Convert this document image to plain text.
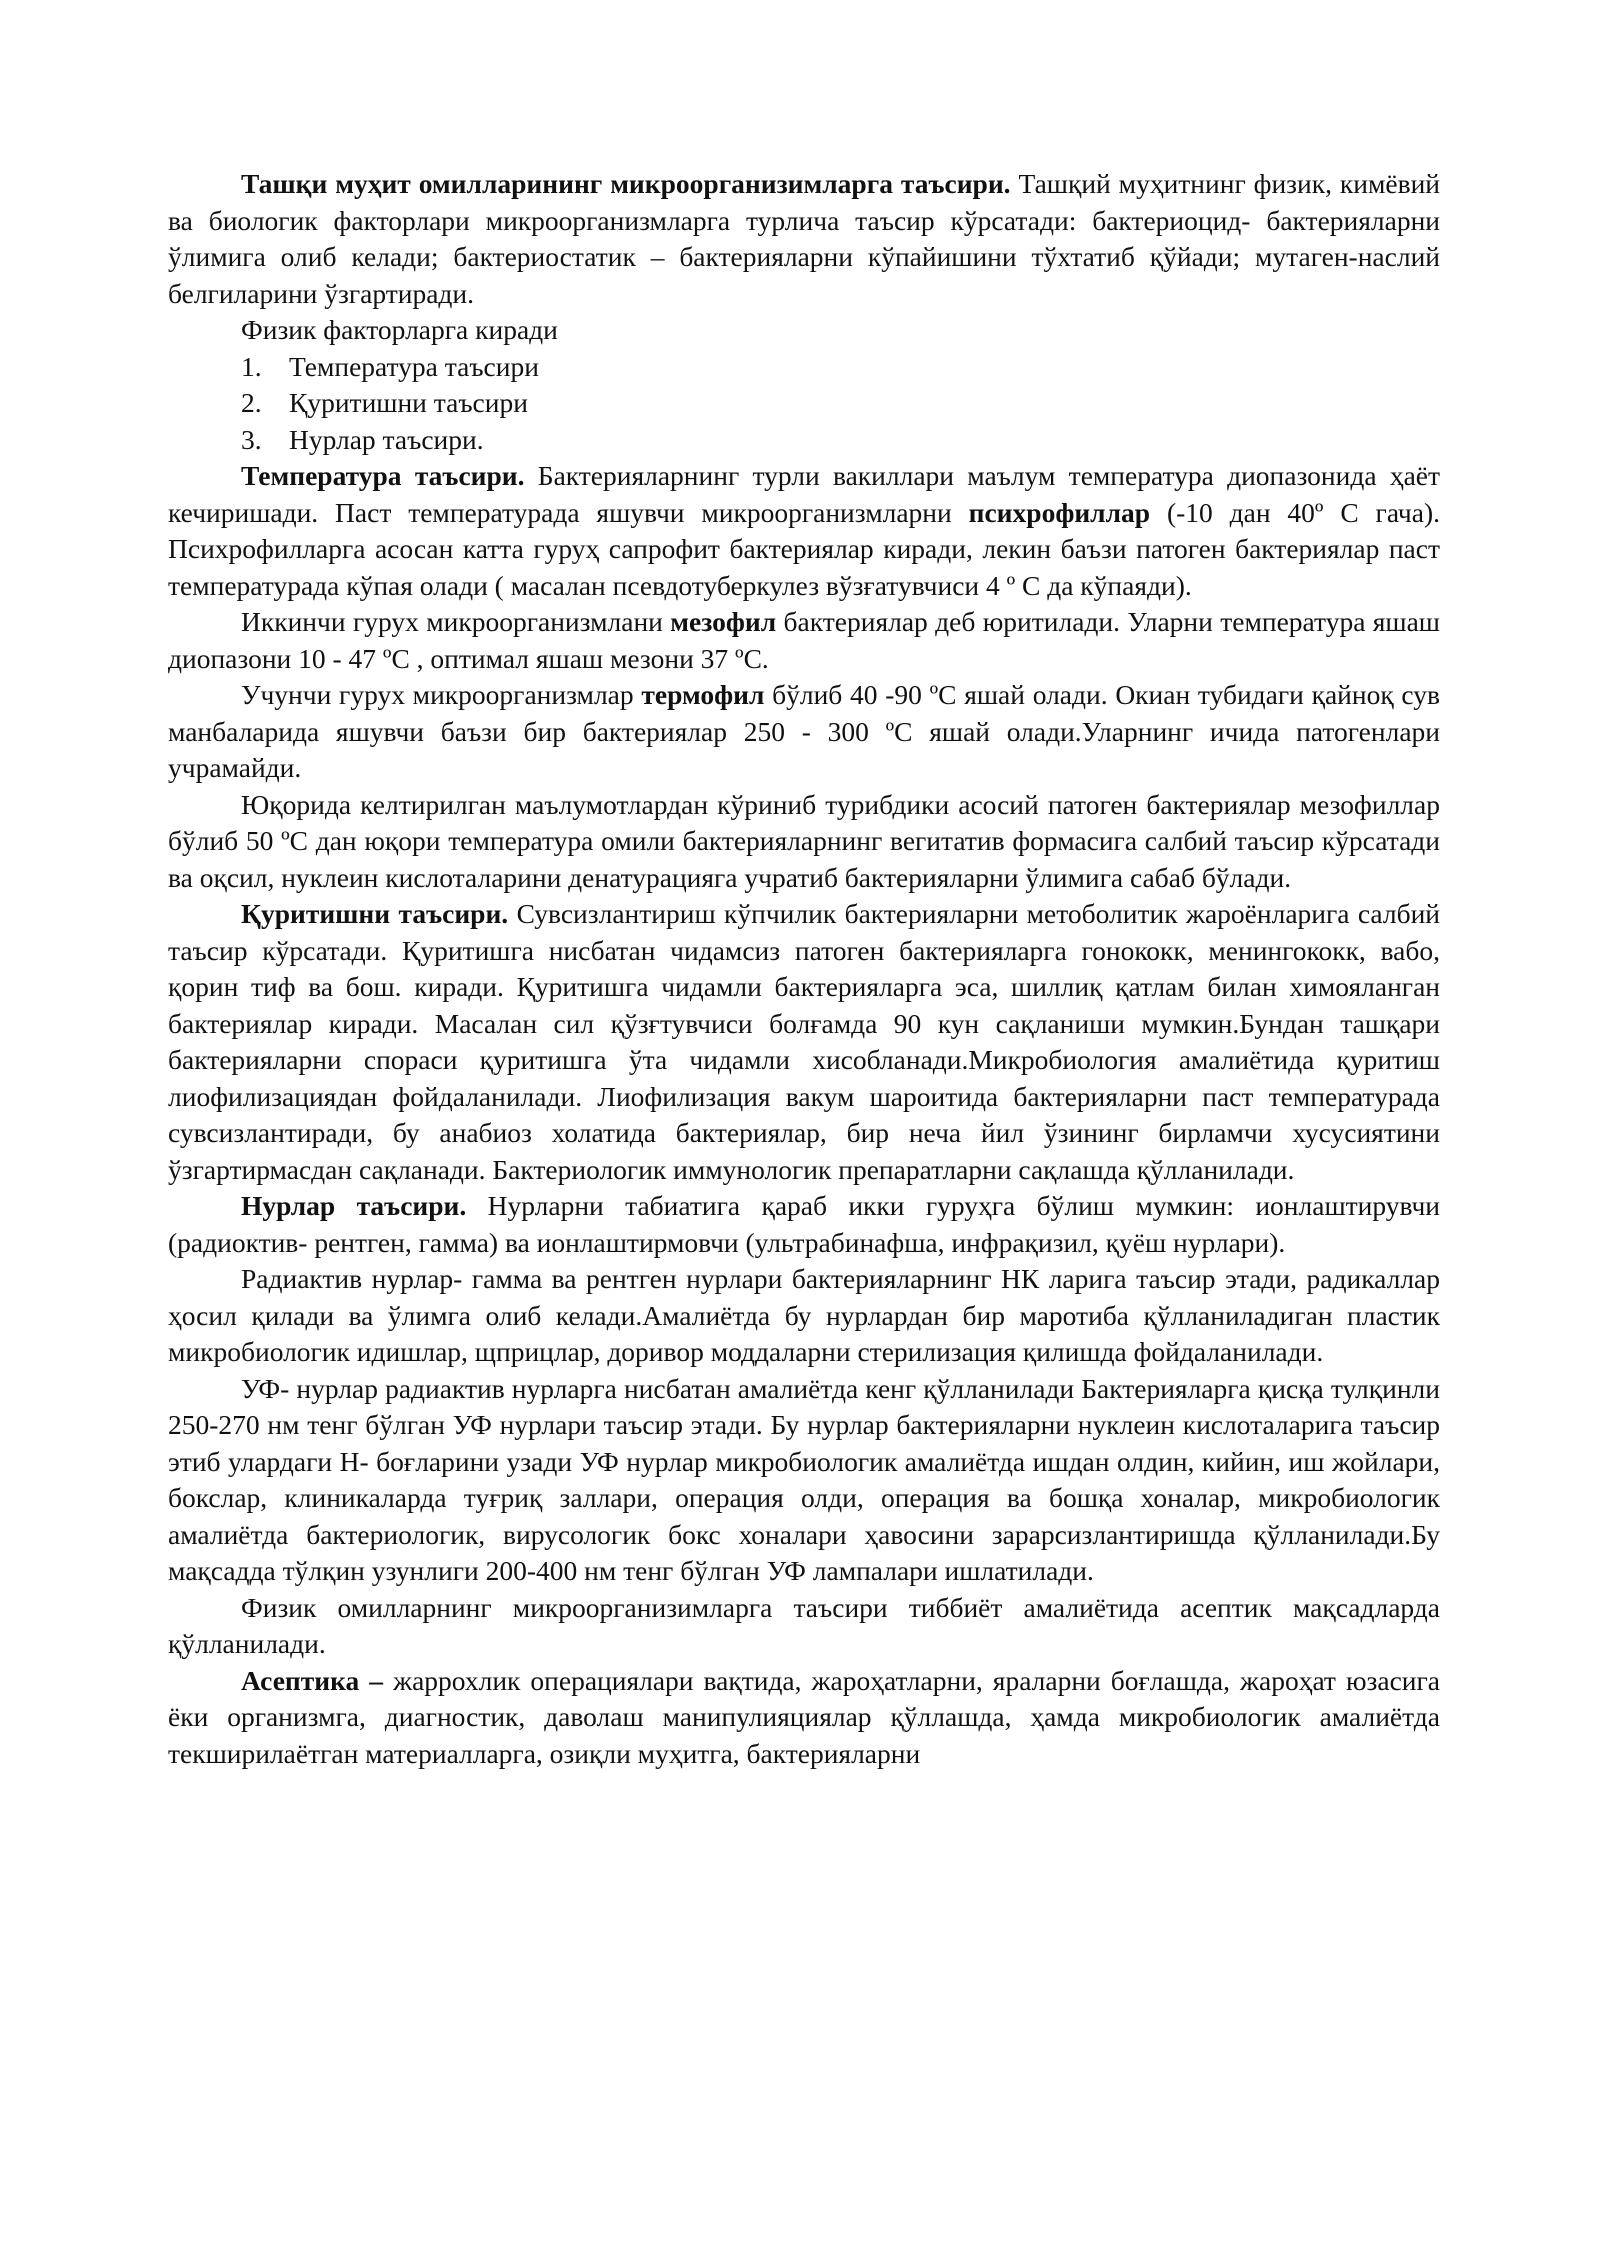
Ташқи муҳит омилларининг микроорганизимларга таъсири. Ташқий муҳитнинг физик, кимёвий ва биологик факторлари микроорганизмларга турлича таъсир кўрсатади: бактериоцид- бактерияларни ўлимига олиб келади; бактериостатик – бактерияларни кўпайишини тўхтатиб қўйади; мутаген-наслий белгиларини ўзгартиради.

Физик факторларга киради

1. Температура таъсири
2. Қуритишни таъсири
3. Нурлар таъсири.

Температура таъсири. Бактерияларнинг турли вакиллари маълум температура диопазонида ҳаёт кечиришади. Паст температурада яшувчи микроорганизмларни психрофиллар (-10 дан 40º С гача). Психрофилларга асосан катта гуруҳ сапрофит бактериялар киради, лекин баъзи патоген бактериялар паст температурада кўпая олади ( масалан псевдотуберкулез вўзғатувчиси 4 º С да кўпаяди).

Иккинчи гурух микроорганизмлани мезофил бактериялар деб юритилади. Уларни температура яшаш диопазони 10 - 47 ºС , оптимал яшаш мезони 37 ºС.

Учунчи гурух микроорганизмлар термофил бўлиб 40 -90 ºС яшай олади. Окиан тубидаги қайноқ сув манбаларида яшувчи баъзи бир бактериялар 250 - 300 ºС яшай олади.Уларнинг ичида патогенлари учрамайди.

Юқорида келтирилган маълумотлардан кўриниб турибдики асосий патоген бактериялар мезофиллар бўлиб 50 ºС дан юқори температура омили бактерияларнинг вегитатив формасига салбий таъсир кўрсатади ва оқсил, нуклеин кислоталарини денатурацияга учратиб бактерияларни ўлимига сабаб бўлади.

Қуритишни таъсири. Сувсизлантириш кўпчилик бактерияларни метоболитик жароёнларига салбий таъсир кўрсатади. Қуритишга нисбатан чидамсиз патоген бактерияларга гонококк, менингококк, вабо, қорин тиф ва бош. киради. Қуритишга чидамли бактерияларга эса, шиллиқ қатлам билан химояланган бактериялар киради. Масалан сил қўзғтувчиси болғамда 90 кун сақланиши мумкин.Бундан ташқари бактерияларни спораси қуритишга ўта чидамли хисобланади.Микробиология амалиётида қуритиш лиофилизациядан фойдаланилади. Лиофилизация вакум шароитида бактерияларни паст температурада сувсизлантиради, бу анабиоз холатида бактериялар, бир неча йил ўзининг бирламчи хусусиятини ўзгартирмасдан сақланади. Бактериологик иммунологик препаратларни сақлашда қўлланилади.

Нурлар таъсири. Нурларни табиатига қараб икки гуруҳга бўлиш мумкин: ионлаштирувчи (радиоктив- рентген, гамма) ва ионлаштирмовчи (ультрабинафша, инфрақизил, қуёш нурлари).

Радиактив нурлар- гамма ва рентген нурлари бактерияларнинг НК ларига таъсир этади, радикаллар ҳосил қилади ва ўлимга олиб келади.Амалиётда бу нурлардан бир маротиба қўлланиладиган пластик микробиологик идишлар, щприцлар, доривор моддаларни стерилизация қилишда фойдаланилади.

УФ- нурлар радиактив нурларга нисбатан амалиётда кенг қўлланилади Бактерияларга қисқа тулқинли 250-270 нм тенг бўлган УФ нурлари таъсир этади. Бу нурлар бактерияларни нуклеин кислоталарига таъсир этиб улардаги Н- боғларини узади УФ нурлар микробиологик амалиётда ишдан олдин, кийин, иш жойлари, бокслар, клиникаларда туғриқ заллари, операция олди, операция ва бошқа хоналар, микробиологик амалиётда бактериологик, вирусологик бокс хоналари ҳавосини зарарсизлантиришда қўлланилади.Бу мақсадда тўлқин узунлиги 200-400 нм тенг бўлган УФ лампалари ишлатилади.

Физик омилларнинг микроорганизимларга таъсири тиббиёт амалиётида асептик мақсадларда қўлланилади.

Асептика – жаррохлик операциялари вақтида, жароҳатларни, яраларни боғлашда, жароҳат юзасига ёки организмга, диагностик, даволаш манипулияциялар қўллашда, ҳамда микробиологик амалиётда текширилаётган материалларга, озиқли муҳитга, бактерияларни
